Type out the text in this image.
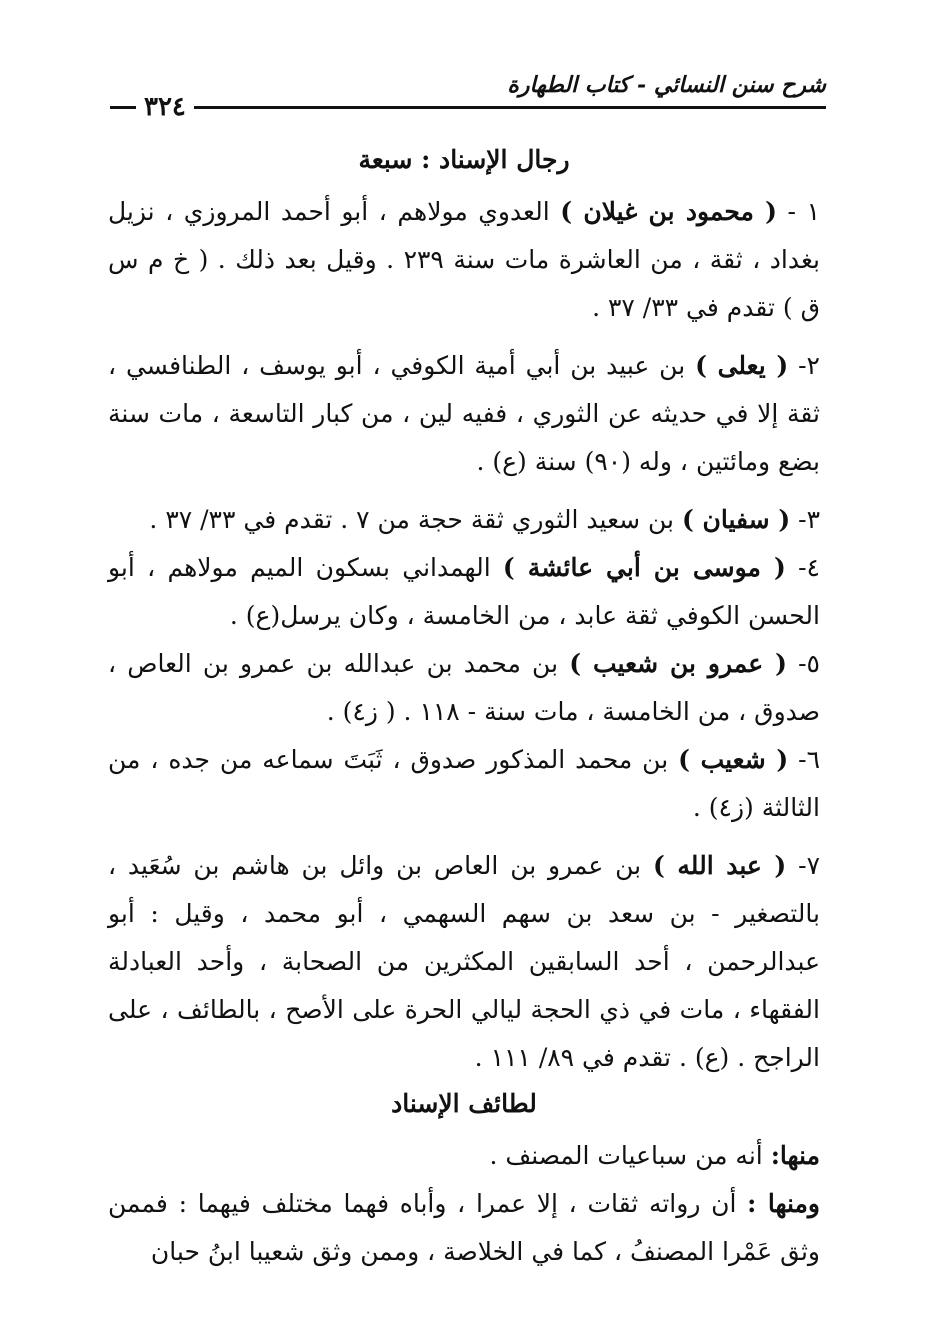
شرح سنن النسائي - كتاب الطهارة
٣٢٤
رجال الإسناد : سبعة

١ - ( محمود بن غيلان ) العدوي مولاهم ، أبو أحمد المروزي ، نزيل بغداد ، ثقة ، من العاشرة مات سنة ٢٣٩ . وقيل بعد ذلك . ( خ م س ق ) تقدم في ٣٣/ ٣٧ .

٢- ( يعلى ) بن عبيد بن أبي أمية الكوفي ، أبو يوسف ، الطنافسي ، ثقة إلا في حديثه عن الثوري ، ففيه لين ، من كبار التاسعة ، مات سنة بضع ومائتين ، وله (٩٠) سنة (ع) .

٣- ( سفيان ) بن سعيد الثوري ثقة حجة من ٧ . تقدم في ٣٣/ ٣٧ .

٤- ( موسى بن أبي عائشة ) الهمداني بسكون الميم مولاهم ، أبو الحسن الكوفي ثقة عابد ، من الخامسة ، وكان يرسل(ع) .

٥- ( عمرو بن شعيب ) بن محمد بن عبدالله بن عمرو بن العاص ، صدوق ، من الخامسة ، مات سنة - ١١٨ . ( ز٤) .

٦- ( شعيب ) بن محمد المذكور صدوق ، ثَبَتَ سماعه من جده ، من الثالثة (ز٤) .

٧- ( عبد الله ) بن عمرو بن العاص بن وائل بن هاشم بن سُعَيد ، بالتصغير - بن سعد بن سهم السهمي ، أبو محمد ، وقيل : أبو عبدالرحمن ، أحد السابقين المكثرين من الصحابة ، وأحد العبادلة الفقهاء ، مات في ذي الحجة ليالي الحرة على الأصح ، بالطائف ، على الراجح . (ع) . تقدم في ٨٩/ ١١١ .

لطائف الإسناد

منها: أنه من سباعيات المصنف .

ومنها : أن رواته ثقات ، إلا عمرا ، وأباه فهما مختلف فيهما : فممن وثق عَمْرا المصنفُ ، كما في الخلاصة ، وممن وثق شعيبا ابنُ حبان
